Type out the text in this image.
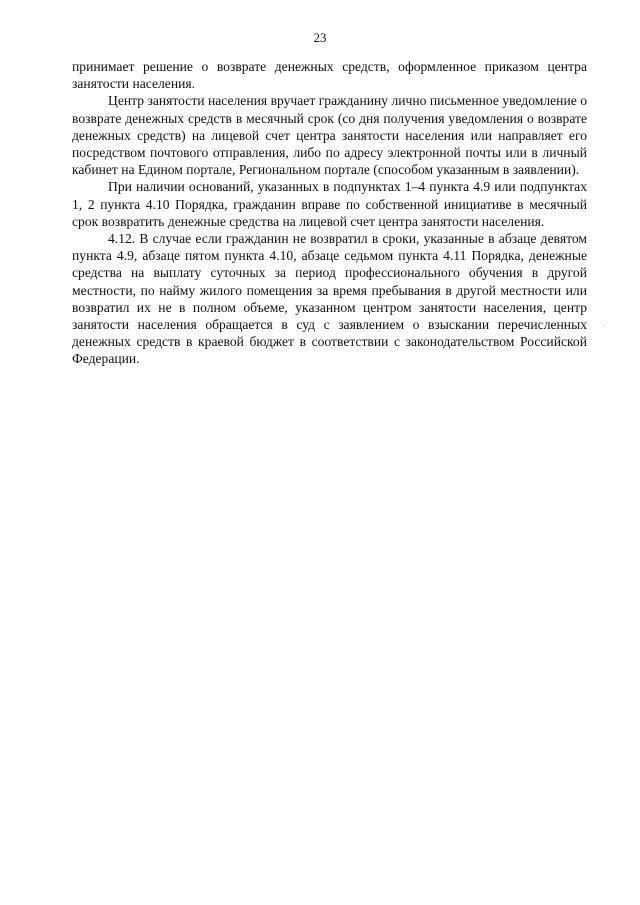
23

принимает решение о возврате денежных средств, оформленное приказом центра занятости населения.

Центр занятости населения вручает гражданину лично письменное уведомление о возврате денежных средств в месячный срок (со дня получения уведомления о возврате денежных средств) на лицевой счет центра занятости населения или направляет его посредством почтового отправления, либо по адресу электронной почты или в личный кабинет на Едином портале, Региональном портале (способом указанным в заявлении).

При наличии оснований, указанных в подпунктах 1–4 пункта 4.9 или подпунктах 1, 2 пункта 4.10 Порядка, гражданин вправе по собственной инициативе в месячный срок возвратить денежные средства на лицевой счет центра занятости населения.

4.12. В случае если гражданин не возвратил в сроки, указанные в абзаце девятом пункта 4.9, абзаце пятом пункта 4.10, абзаце седьмом пункта 4.11 Порядка, денежные средства на выплату суточных за период профессионального обучения в другой местности, по найму жилого помещения за время пребывания в другой местности или возвратил их не в полном объеме, указанном центром занятости населения, центр занятости населения обращается в суд с заявлением о взыскании перечисленных денежных средств в краевой бюджет в соответствии с законодательством Российской Федерации.
